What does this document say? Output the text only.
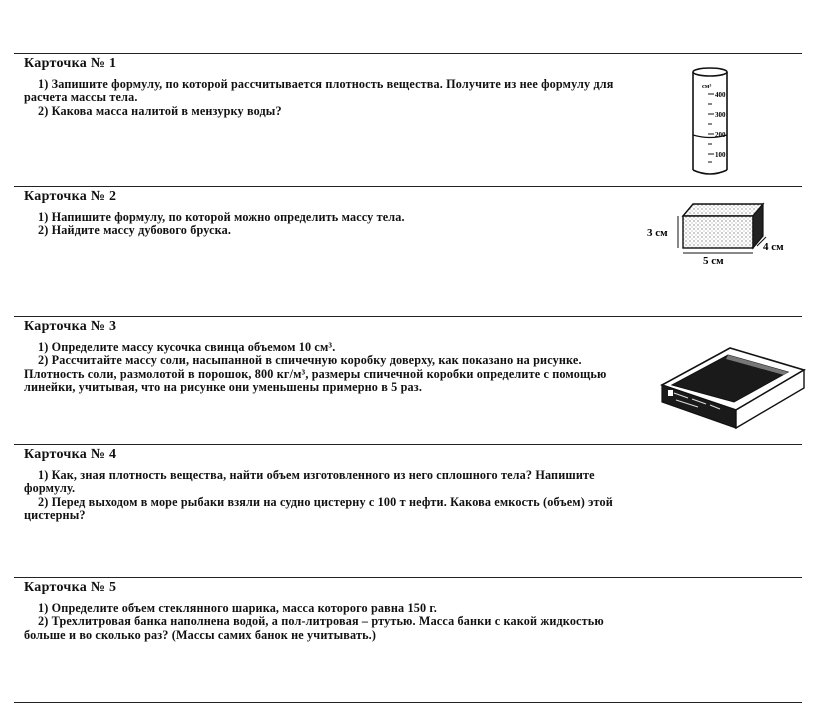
Карточка № 1

1) Запишите формулу, по которой рассчитывается плотность вещества. Получите из нее формулу для расчета массы тела.

2) Какова масса налитой в мензурку воды?

см³
400
300
200
100
Карточка № 2

1) Напишите формулу, по которой можно определить массу тела.

2) Найдите массу дубового бруска.	3 см
4 см
5 см
Карточка № 3

1) Определите массу кусочка свинца объемом 10 см³.

2) Рассчитайте массу соли, насыпанной в спичечную коробку доверху, как показано на рисунке. Плотность соли, размолотой в порошок, 800 кг/м³, размеры спичечной коробки определите с помощью линейки, учитывая, что на рисунке они уменьшены примерно в 5 раз.

Карточка № 4

1) Как, зная плотность вещества, найти объем изготовленного из него сплошного тела? Напишите формулу.

2) Перед выходом в море рыбаки взяли на судно цистерну с 100 т нефти. Какова емкость (объем) этой цистерны?

Карточка № 5

1) Определите объем стеклянного шарика, масса которого равна 150 г.

2) Трехлитровая банка наполнена водой, а пол-литровая – ртутью. Масса банки с какой жидкостью больше и во сколько раз? (Массы самих банок не учитывать.)
